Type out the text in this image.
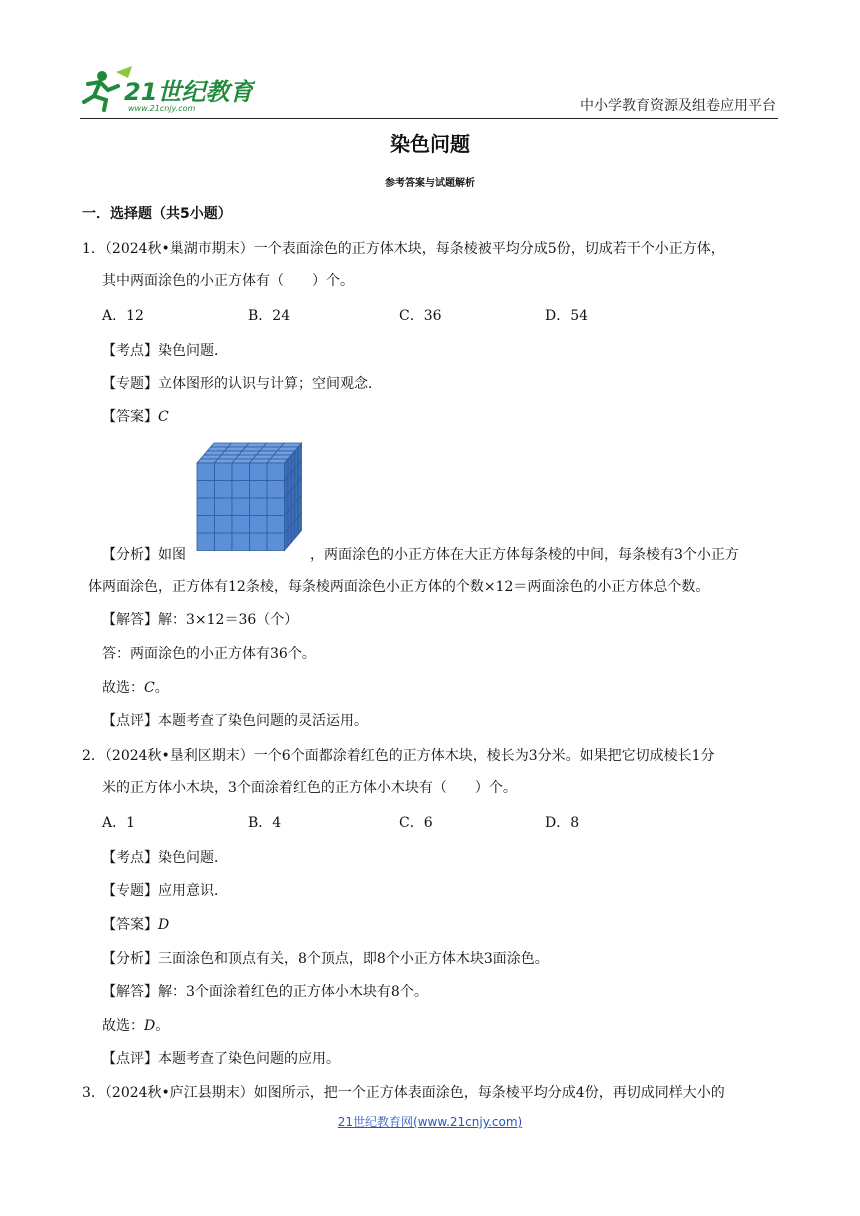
21世纪教育
www.21cnjy.com	中小学教育资源及组卷应用平台
染色问题
参考答案与试题解析
一．选择题（共5小题）
1．（2024秋•巢湖市期末）一个表面涂色的正方体木块，每条棱被平均分成5份，切成若干个小正方体，
其中两面涂色的小正方体有（　　）个。
A．12	B．24	C．36	D．54
【考点】染色问题．
【专题】立体图形的认识与计算；空间观念．
【答案】C
【分析】如图	，两面涂色的小正方体在大正方体每条棱的中间，每条棱有3个小正方
体两面涂色，正方体有12条棱，每条棱两面涂色小正方体的个数×12＝两面涂色的小正方体总个数。
【解答】解：3×12＝36（个）
答：两面涂色的小正方体有36个。
故选：C。
【点评】本题考查了染色问题的灵活运用。
2．（2024秋•垦利区期末）一个6个面都涂着红色的正方体木块，棱长为3分米。如果把它切成棱长1分
米的正方体小木块，3个面涂着红色的正方体小木块有（　　）个。
A．1	B．4	C．6	D．8
【考点】染色问题．
【专题】应用意识．
【答案】D
【分析】三面涂色和顶点有关，8个顶点，即8个小正方体木块3面涂色。
【解答】解：3个面涂着红色的正方体小木块有8个。
故选：D。
【点评】本题考查了染色问题的应用。
3．（2024秋•庐江县期末）如图所示，把一个正方体表面涂色，每条棱平均分成4份，再切成同样大小的
21世纪教育网(www.21cnjy.com)
